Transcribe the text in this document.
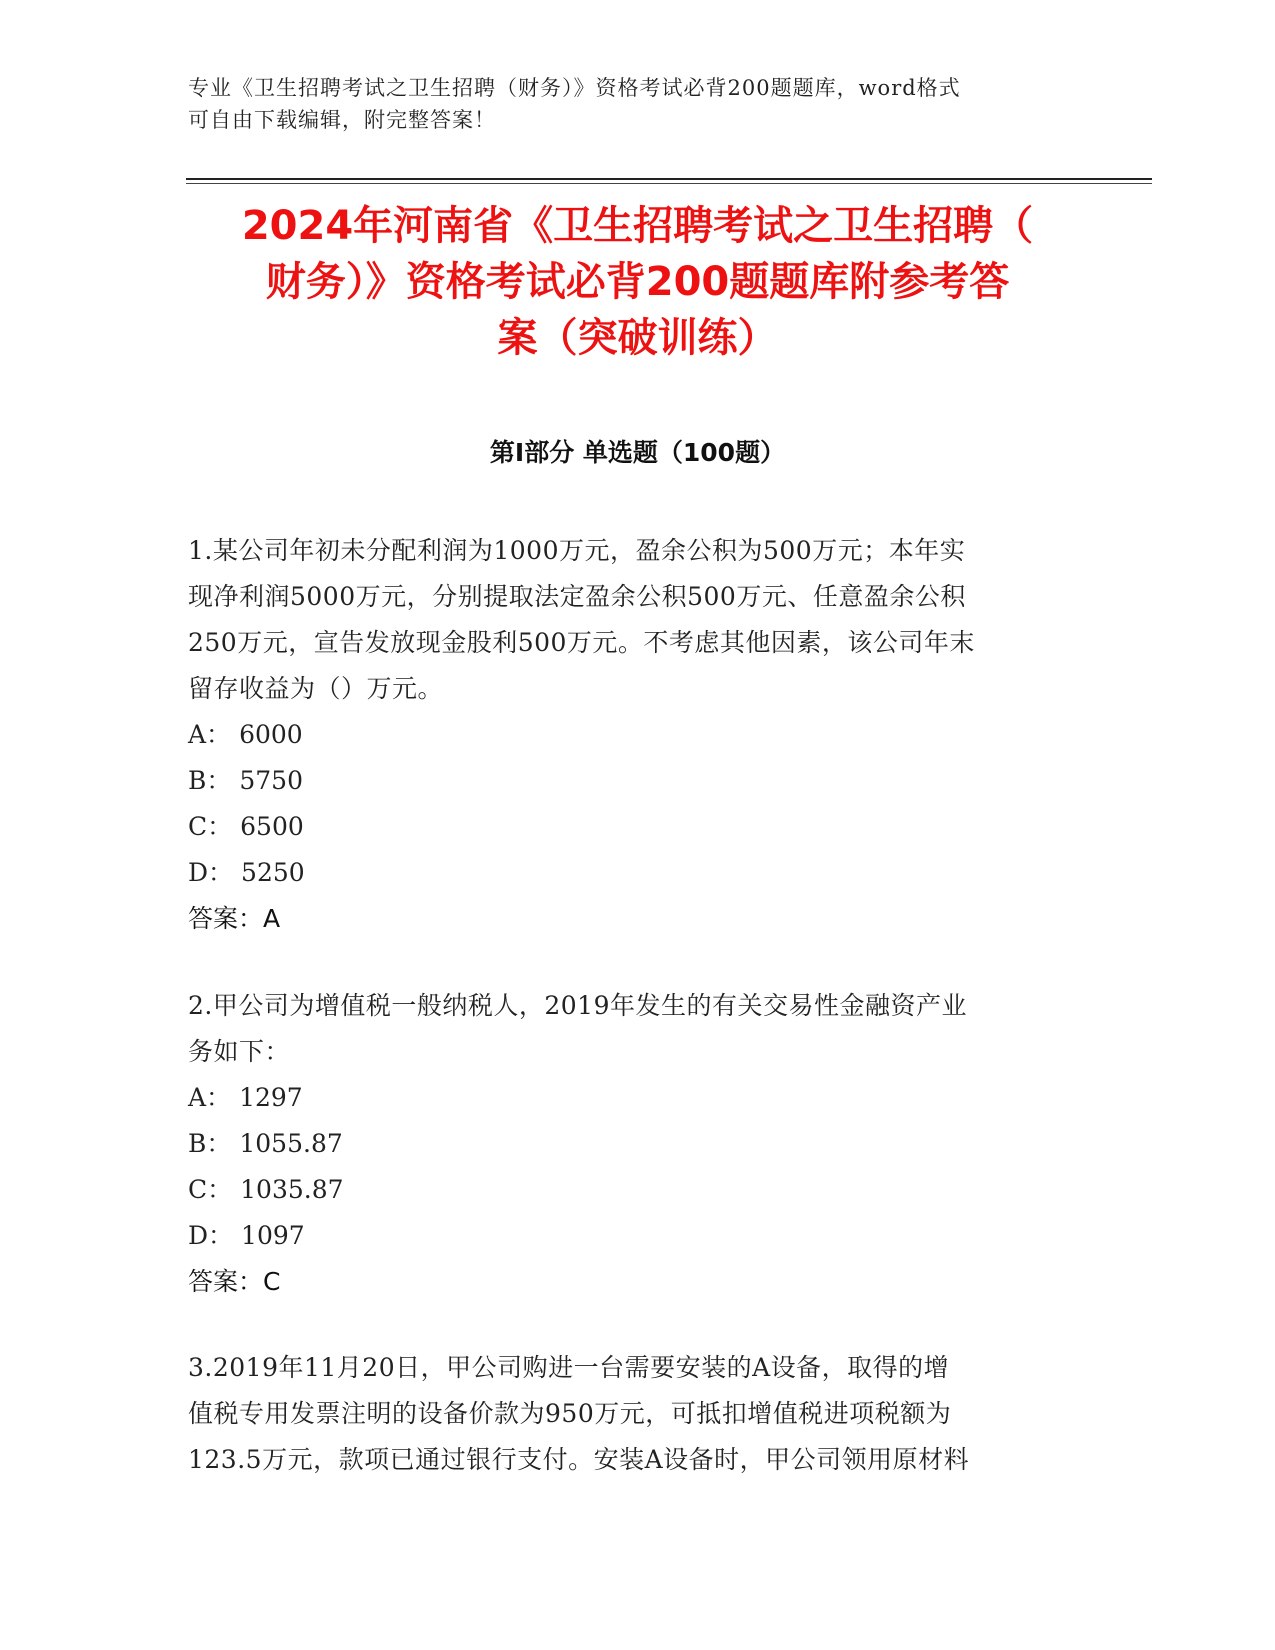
专业《卫生招聘考试之卫生招聘（财务）》资格考试必背200题题库，word格式
可自由下载编辑，附完整答案！
2024年河南省《卫生招聘考试之卫生招聘（
财务）》资格考试必背200题题库附参考答
案（突破训练）
第Ⅰ部分 单选题（100题）
1.某公司年初未分配利润为1000万元，盈余公积为500万元；本年实
现净利润5000万元，分别提取法定盈余公积500万元、任意盈余公积
250万元，宣告发放现金股利500万元。不考虑其他因素，该公司年末
留存收益为（）万元。
A： 6000
B： 5750
C： 6500
D： 5250
答案：A
2.甲公司为增值税一般纳税人，2019年发生的有关交易性金融资产业
务如下：
A： 1297
B： 1055.87
C： 1035.87
D： 1097
答案：C
3.2019年11月20日，甲公司购进一台需要安装的A设备，取得的增
值税专用发票注明的设备价款为950万元，可抵扣增值税进项税额为
123.5万元，款项已通过银行支付。安装A设备时，甲公司领用原材料
